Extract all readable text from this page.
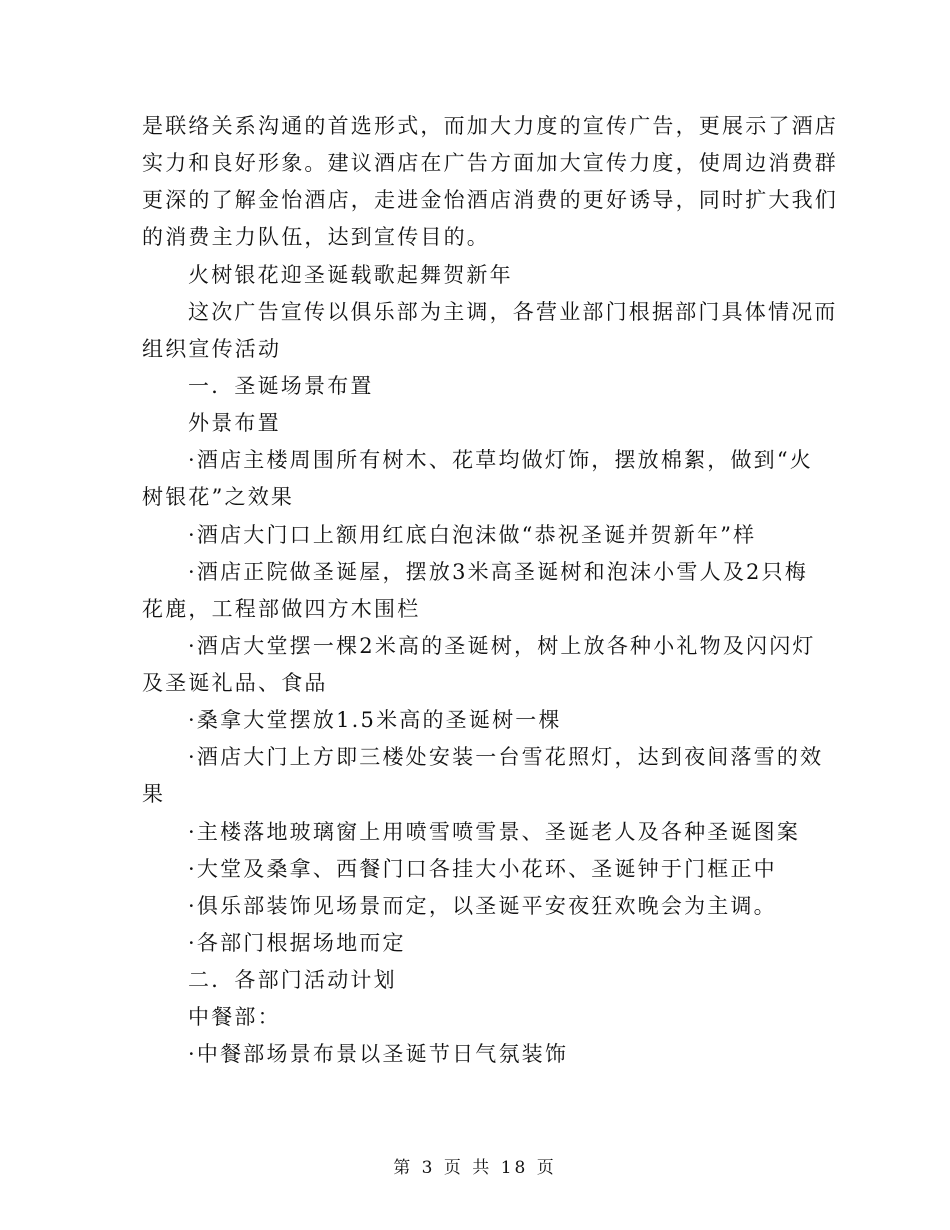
是联络关系沟通的首选形式，而加大力度的宣传广告，更展示了酒店
实力和良好形象。建议酒店在广告方面加大宣传力度，使周边消费群
更深的了解金怡酒店，走进金怡酒店消费的更好诱导，同时扩大我们
的消费主力队伍，达到宣传目的。
火树银花迎圣诞载歌起舞贺新年
这次广告宣传以俱乐部为主调，各营业部门根据部门具体情况而
组织宣传活动
一．圣诞场景布置
外景布置
·酒店主楼周围所有树木、花草均做灯饰，摆放棉絮，做到“火
树银花”之效果
·酒店大门口上额用红底白泡沫做“恭祝圣诞并贺新年”样
·酒店正院做圣诞屋，摆放3米高圣诞树和泡沫小雪人及2只梅
花鹿，工程部做四方木围栏
·酒店大堂摆一棵2米高的圣诞树，树上放各种小礼物及闪闪灯
及圣诞礼品、食品
·桑拿大堂摆放1.5米高的圣诞树一棵
·酒店大门上方即三楼处安装一台雪花照灯，达到夜间落雪的效
果
·主楼落地玻璃窗上用喷雪喷雪景、圣诞老人及各种圣诞图案
·大堂及桑拿、西餐门口各挂大小花环、圣诞钟于门框正中
·俱乐部装饰见场景而定，以圣诞平安夜狂欢晚会为主调。
·各部门根据场地而定
二．各部门活动计划
中餐部：
·中餐部场景布景以圣诞节日气氛装饰
第 3 页 共 18 页
